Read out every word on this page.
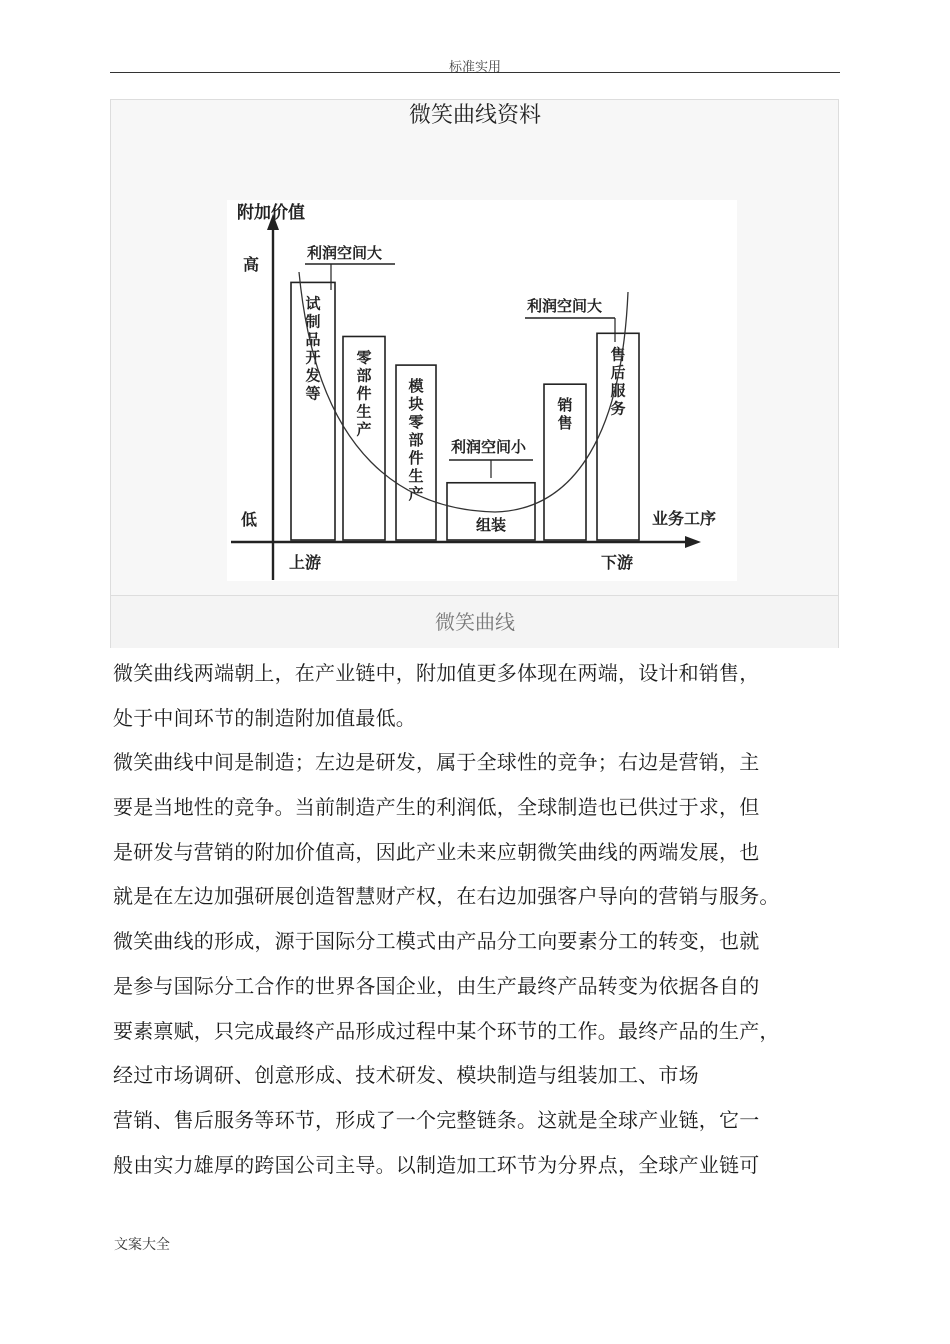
标准实用
微笑曲线资料
试制品开发等
零部件生产
模块零部件生产
组装
销售
售后服务
附加价值
高
低	业务工序
上游	下游
利润空间大
利润空间大
利润空间小
微笑曲线
微笑曲线两端朝上，在产业链中，附加值更多体现在两端，设计和销售，
处于中间环节的制造附加值最低。
微笑曲线中间是制造；左边是研发，属于全球性的竞争；右边是营销，主
要是当地性的竞争。当前制造产生的利润低，全球制造也已供过于求，但
是研发与营销的附加价值高，因此产业未来应朝微笑曲线的两端发展，也
就是在左边加强研展创造智慧财产权，在右边加强客户导向的营销与服务。
微笑曲线的形成，源于国际分工模式由产品分工向要素分工的转变，也就
是参与国际分工合作的世界各国企业，由生产最终产品转变为依据各自的
要素禀赋，只完成最终产品形成过程中某个环节的工作。最终产品的生产，
经过市场调研、创意形成、技术研发、模块制造与组装加工、市场
营销、售后服务等环节，形成了一个完整链条。这就是全球产业链，它一
般由实力雄厚的跨国公司主导。以制造加工环节为分界点，全球产业链可
文案大全
